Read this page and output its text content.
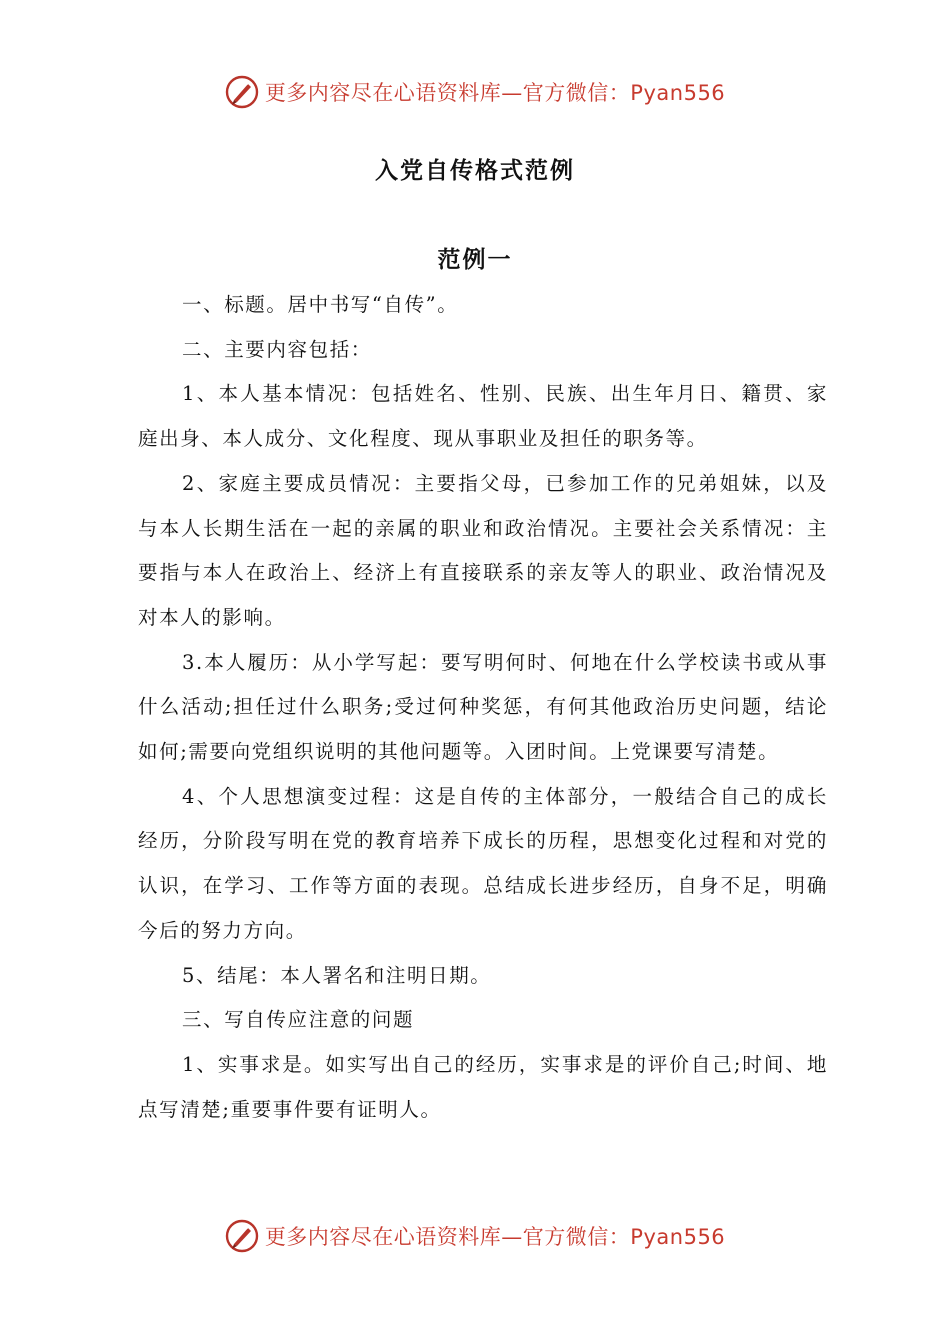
更多内容尽在心语资料库—官方微信：Pyan556
入党自传格式范例
范例一

一、标题。居中书写“自传”。

二、主要内容包括：

1、本人基本情况：包括姓名、性别、民族、出生年月日、籍贯、家庭出身、本人成分、文化程度、现从事职业及担任的职务等。

2、家庭主要成员情况：主要指父母，已参加工作的兄弟姐妹，以及与本人长期生活在一起的亲属的职业和政治情况。主要社会关系情况：主要指与本人在政治上、经济上有直接联系的亲友等人的职业、政治情况及对本人的影响。

3.本人履历：从小学写起：要写明何时、何地在什么学校读书或从事什么活动;担任过什么职务;受过何种奖惩，有何其他政治历史问题，结论如何;需要向党组织说明的其他问题等。入团时间。上党课要写清楚。

4、个人思想演变过程：这是自传的主体部分，一般结合自己的成长经历，分阶段写明在党的教育培养下成长的历程，思想变化过程和对党的认识，在学习、工作等方面的表现。总结成长进步经历，自身不足，明确今后的努力方向。

5、结尾：本人署名和注明日期。

三、写自传应注意的问题

1、实事求是。如实写出自己的经历，实事求是的评价自己;时间、地点写清楚;重要事件要有证明人。

更多内容尽在心语资料库—官方微信：Pyan556
